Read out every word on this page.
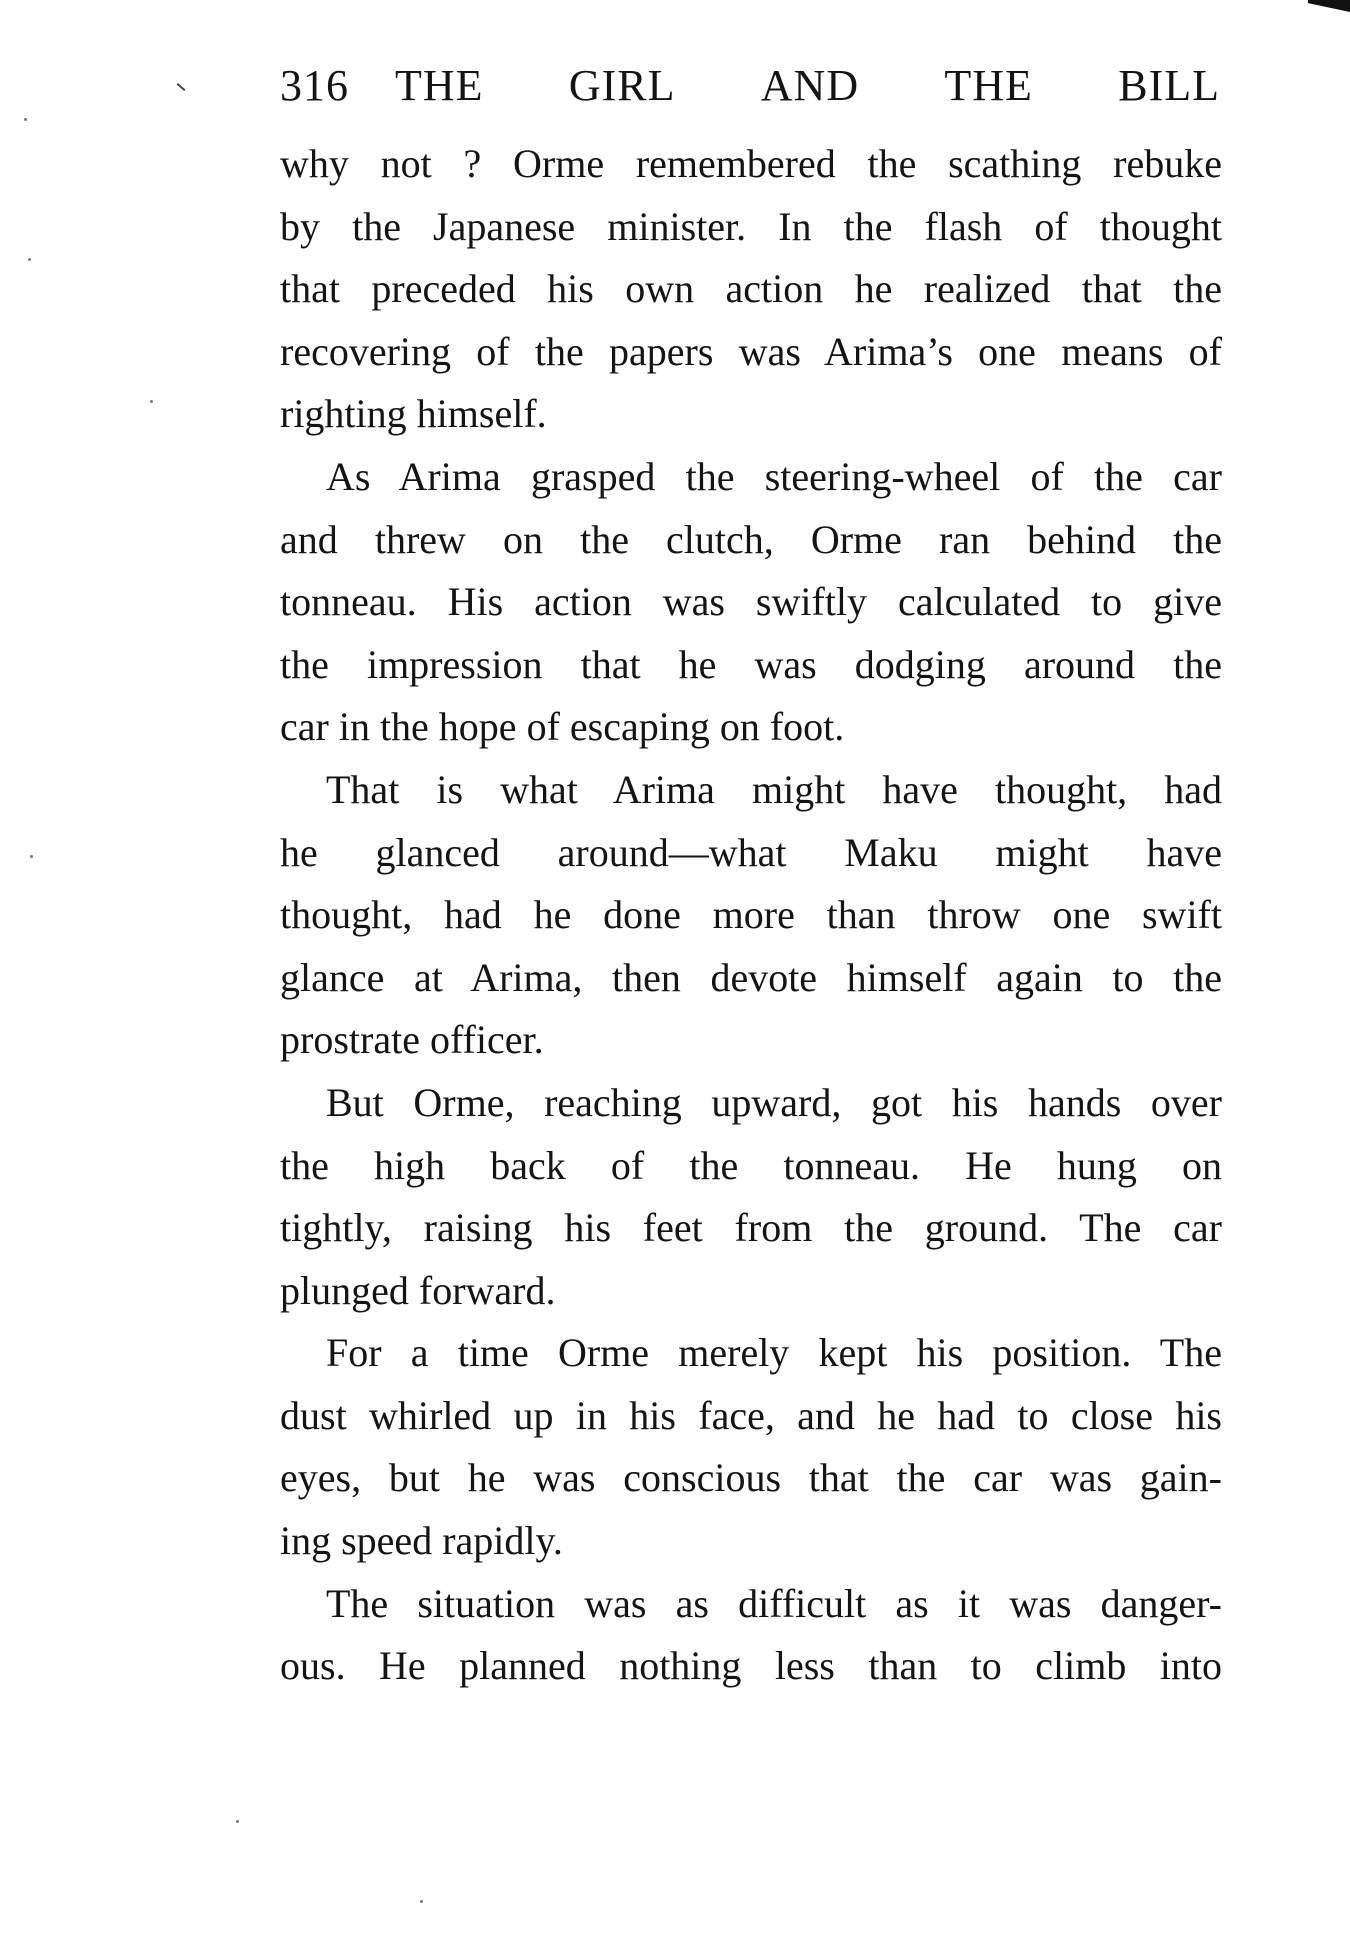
316	THE GIRL AND THE BILL
why not ? Orme remembered the scathing rebuke
by the Japanese minister. In the flash of thought
that preceded his own action he realized that the
recovering of the papers was Arima’s one means of
righting himself.
As Arima grasped the steering-wheel of the car
and threw on the clutch, Orme ran behind the
tonneau. His action was swiftly calculated to give
the impression that he was dodging around the
car in the hope of escaping on foot.
That is what Arima might have thought, had
he glanced around—what Maku might have
thought, had he done more than throw one swift
glance at Arima, then devote himself again to the
prostrate officer.
But Orme, reaching upward, got his hands over
the high back of the tonneau. He hung on
tightly, raising his feet from the ground. The car
plunged forward.
For a time Orme merely kept his position. The
dust whirled up in his face, and he had to close his
eyes, but he was conscious that the car was gain-
ing speed rapidly.
The situation was as difficult as it was danger-
ous. He planned nothing less than to climb into
